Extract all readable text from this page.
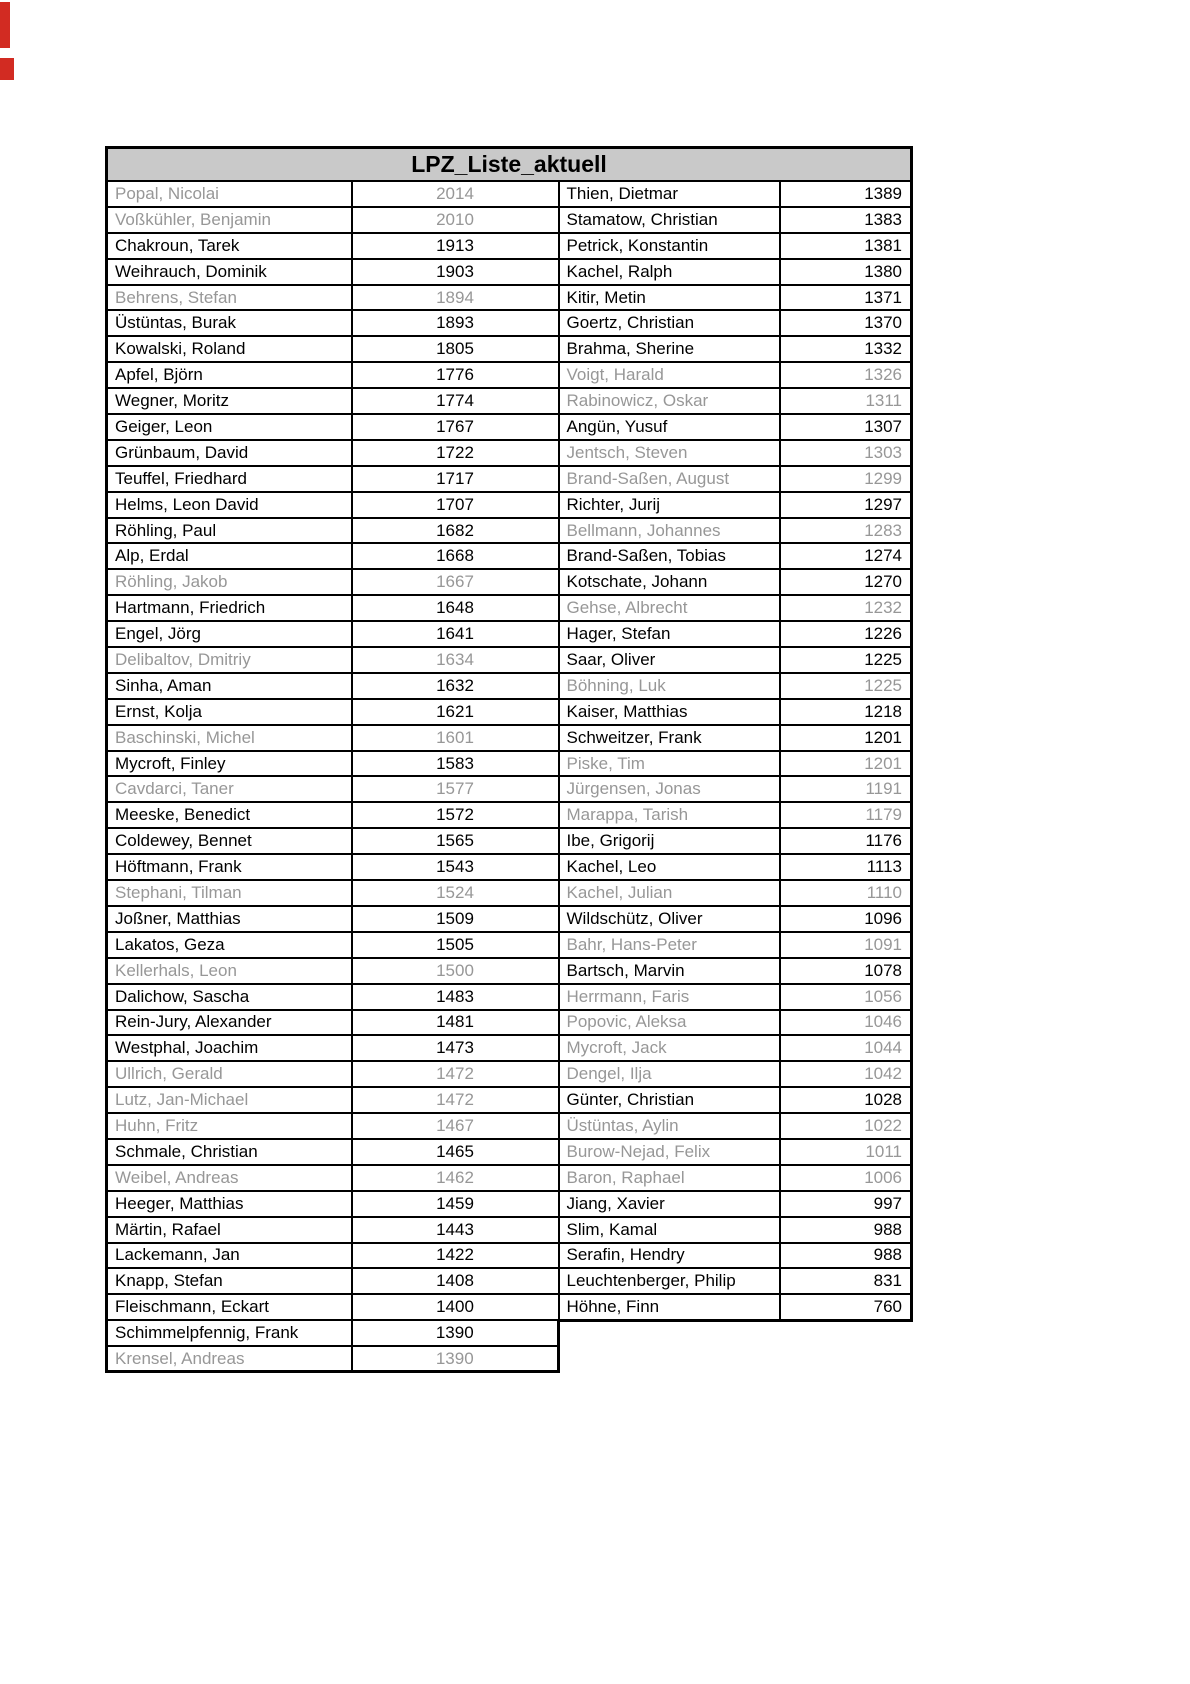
LPZ_Liste_aktuell			
Popal, Nicolai	2014	Thien, Dietmar	1389
Voßkühler, Benjamin	2010	Stamatow, Christian	1383
Chakroun, Tarek	1913	Petrick, Konstantin	1381
Weihrauch, Dominik	1903	Kachel, Ralph	1380
Behrens, Stefan	1894	Kitir, Metin	1371
Üstüntas, Burak	1893	Goertz, Christian	1370
Kowalski, Roland	1805	Brahma, Sherine	1332
Apfel, Björn	1776	Voigt, Harald	1326
Wegner, Moritz	1774	Rabinowicz, Oskar	1311
Geiger, Leon	1767	Angün, Yusuf	1307
Grünbaum, David	1722	Jentsch, Steven	1303
Teuffel, Friedhard	1717	Brand-Saßen, August	1299
Helms, Leon David	1707	Richter, Jurij	1297
Röhling, Paul	1682	Bellmann, Johannes	1283
Alp, Erdal	1668	Brand-Saßen, Tobias	1274
Röhling, Jakob	1667	Kotschate, Johann	1270
Hartmann, Friedrich	1648	Gehse, Albrecht	1232
Engel, Jörg	1641	Hager, Stefan	1226
Delibaltov, Dmitriy	1634	Saar, Oliver	1225
Sinha, Aman	1632	Böhning, Luk	1225
Ernst, Kolja	1621	Kaiser, Matthias	1218
Baschinski, Michel	1601	Schweitzer, Frank	1201
Mycroft, Finley	1583	Piske, Tim	1201
Cavdarci, Taner	1577	Jürgensen, Jonas	1191
Meeske, Benedict	1572	Marappa, Tarish	1179
Coldewey, Bennet	1565	Ibe, Grigorij	1176
Höftmann, Frank	1543	Kachel, Leo	1113
Stephani, Tilman	1524	Kachel, Julian	1110
Joßner, Matthias	1509	Wildschütz, Oliver	1096
Lakatos, Geza	1505	Bahr, Hans-Peter	1091
Kellerhals, Leon	1500	Bartsch, Marvin	1078
Dalichow, Sascha	1483	Herrmann, Faris	1056
Rein-Jury, Alexander	1481	Popovic, Aleksa	1046
Westphal, Joachim	1473	Mycroft, Jack	1044
Ullrich, Gerald	1472	Dengel, Ilja	1042
Lutz, Jan-Michael	1472	Günter, Christian	1028
Huhn, Fritz	1467	Üstüntas, Aylin	1022
Schmale, Christian	1465	Burow-Nejad, Felix	1011
Weibel, Andreas	1462	Baron, Raphael	1006
Heeger, Matthias	1459	Jiang, Xavier	997
Märtin, Rafael	1443	Slim, Kamal	988
Lackemann, Jan	1422	Serafin, Hendry	988
Knapp, Stefan	1408	Leuchtenberger, Philip	831
Fleischmann, Eckart	1400	Höhne, Finn	760
Schimmelpfennig, Frank	1390		
Krensel, Andreas	1390		
